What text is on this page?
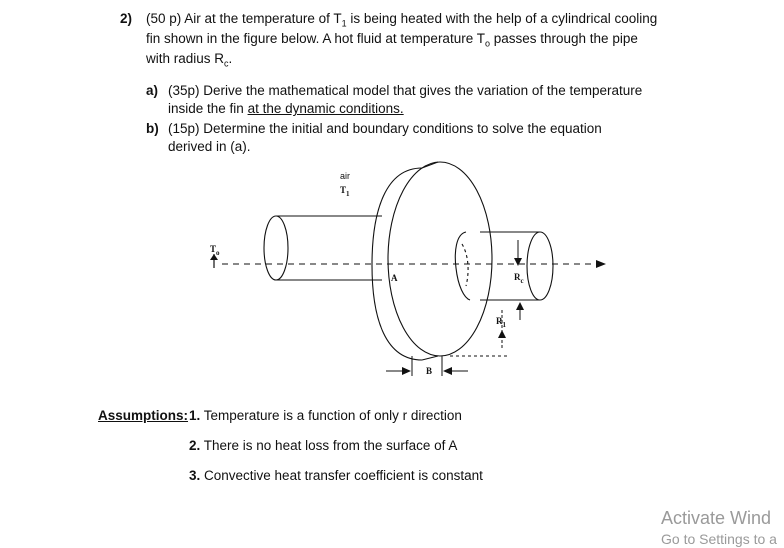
2) (50 p) Air at the temperature of $T_1$ is being heated with the help of a cylindrical cooling
fin shown in the figure below. A hot fluid at temperature $T_o$ passes through the pipe
with radius $R_c$.
a) (35p) Derive the mathematical model that gives the variation of the temperature
inside the fin at the dynamic conditions.
b) (15p) Determine the initial and boundary conditions to solve the equation
derived in (a).
air
$T_1$
$T_o$
A
B
$R_c$
$R_1$
Assumptions: 1. Temperature is a function of only r direction
2. There is no heat loss from the surface of A
3. Convective heat transfer coefficient is constant
Activate Wind
Go to Settings to a
